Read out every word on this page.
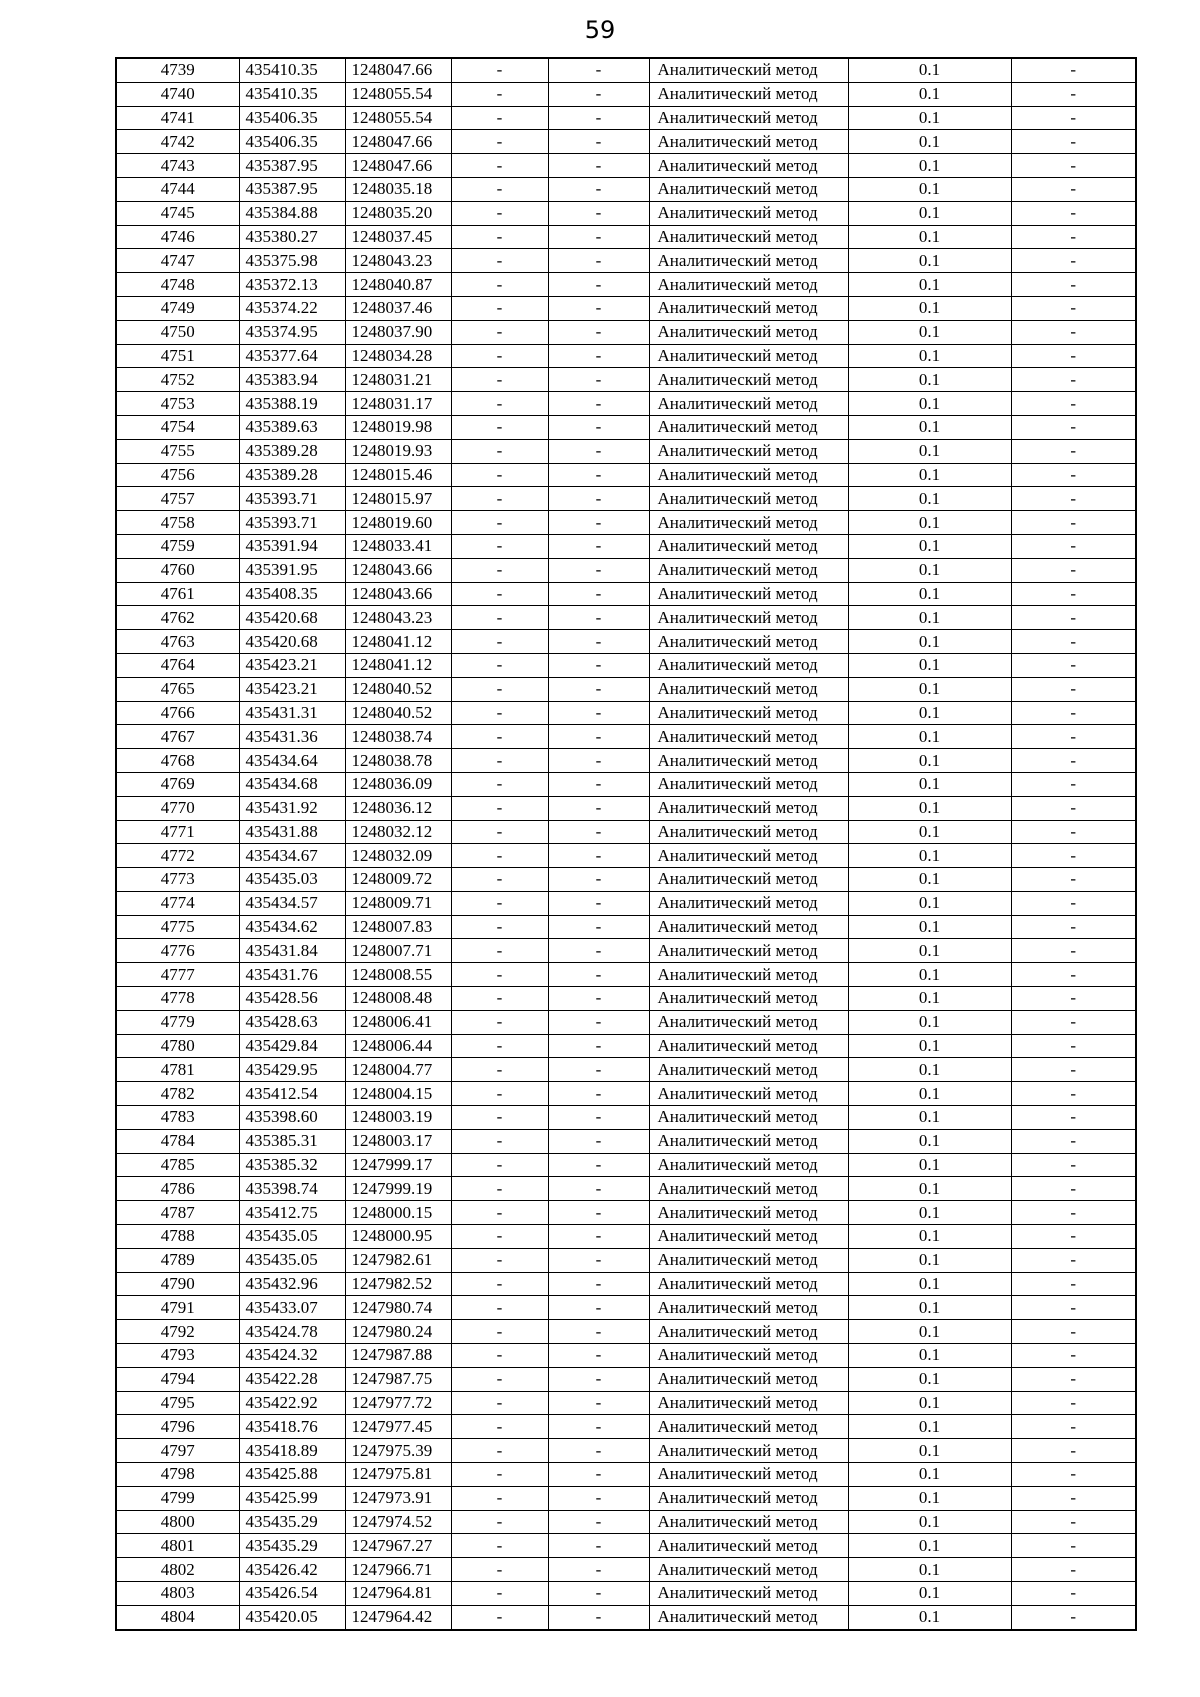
59
4739	435410.35	1248047.66	-	-	Аналитический метод	0.1	-
4740	435410.35	1248055.54	-	-	Аналитический метод	0.1	-
4741	435406.35	1248055.54	-	-	Аналитический метод	0.1	-
4742	435406.35	1248047.66	-	-	Аналитический метод	0.1	-
4743	435387.95	1248047.66	-	-	Аналитический метод	0.1	-
4744	435387.95	1248035.18	-	-	Аналитический метод	0.1	-
4745	435384.88	1248035.20	-	-	Аналитический метод	0.1	-
4746	435380.27	1248037.45	-	-	Аналитический метод	0.1	-
4747	435375.98	1248043.23	-	-	Аналитический метод	0.1	-
4748	435372.13	1248040.87	-	-	Аналитический метод	0.1	-
4749	435374.22	1248037.46	-	-	Аналитический метод	0.1	-
4750	435374.95	1248037.90	-	-	Аналитический метод	0.1	-
4751	435377.64	1248034.28	-	-	Аналитический метод	0.1	-
4752	435383.94	1248031.21	-	-	Аналитический метод	0.1	-
4753	435388.19	1248031.17	-	-	Аналитический метод	0.1	-
4754	435389.63	1248019.98	-	-	Аналитический метод	0.1	-
4755	435389.28	1248019.93	-	-	Аналитический метод	0.1	-
4756	435389.28	1248015.46	-	-	Аналитический метод	0.1	-
4757	435393.71	1248015.97	-	-	Аналитический метод	0.1	-
4758	435393.71	1248019.60	-	-	Аналитический метод	0.1	-
4759	435391.94	1248033.41	-	-	Аналитический метод	0.1	-
4760	435391.95	1248043.66	-	-	Аналитический метод	0.1	-
4761	435408.35	1248043.66	-	-	Аналитический метод	0.1	-
4762	435420.68	1248043.23	-	-	Аналитический метод	0.1	-
4763	435420.68	1248041.12	-	-	Аналитический метод	0.1	-
4764	435423.21	1248041.12	-	-	Аналитический метод	0.1	-
4765	435423.21	1248040.52	-	-	Аналитический метод	0.1	-
4766	435431.31	1248040.52	-	-	Аналитический метод	0.1	-
4767	435431.36	1248038.74	-	-	Аналитический метод	0.1	-
4768	435434.64	1248038.78	-	-	Аналитический метод	0.1	-
4769	435434.68	1248036.09	-	-	Аналитический метод	0.1	-
4770	435431.92	1248036.12	-	-	Аналитический метод	0.1	-
4771	435431.88	1248032.12	-	-	Аналитический метод	0.1	-
4772	435434.67	1248032.09	-	-	Аналитический метод	0.1	-
4773	435435.03	1248009.72	-	-	Аналитический метод	0.1	-
4774	435434.57	1248009.71	-	-	Аналитический метод	0.1	-
4775	435434.62	1248007.83	-	-	Аналитический метод	0.1	-
4776	435431.84	1248007.71	-	-	Аналитический метод	0.1	-
4777	435431.76	1248008.55	-	-	Аналитический метод	0.1	-
4778	435428.56	1248008.48	-	-	Аналитический метод	0.1	-
4779	435428.63	1248006.41	-	-	Аналитический метод	0.1	-
4780	435429.84	1248006.44	-	-	Аналитический метод	0.1	-
4781	435429.95	1248004.77	-	-	Аналитический метод	0.1	-
4782	435412.54	1248004.15	-	-	Аналитический метод	0.1	-
4783	435398.60	1248003.19	-	-	Аналитический метод	0.1	-
4784	435385.31	1248003.17	-	-	Аналитический метод	0.1	-
4785	435385.32	1247999.17	-	-	Аналитический метод	0.1	-
4786	435398.74	1247999.19	-	-	Аналитический метод	0.1	-
4787	435412.75	1248000.15	-	-	Аналитический метод	0.1	-
4788	435435.05	1248000.95	-	-	Аналитический метод	0.1	-
4789	435435.05	1247982.61	-	-	Аналитический метод	0.1	-
4790	435432.96	1247982.52	-	-	Аналитический метод	0.1	-
4791	435433.07	1247980.74	-	-	Аналитический метод	0.1	-
4792	435424.78	1247980.24	-	-	Аналитический метод	0.1	-
4793	435424.32	1247987.88	-	-	Аналитический метод	0.1	-
4794	435422.28	1247987.75	-	-	Аналитический метод	0.1	-
4795	435422.92	1247977.72	-	-	Аналитический метод	0.1	-
4796	435418.76	1247977.45	-	-	Аналитический метод	0.1	-
4797	435418.89	1247975.39	-	-	Аналитический метод	0.1	-
4798	435425.88	1247975.81	-	-	Аналитический метод	0.1	-
4799	435425.99	1247973.91	-	-	Аналитический метод	0.1	-
4800	435435.29	1247974.52	-	-	Аналитический метод	0.1	-
4801	435435.29	1247967.27	-	-	Аналитический метод	0.1	-
4802	435426.42	1247966.71	-	-	Аналитический метод	0.1	-
4803	435426.54	1247964.81	-	-	Аналитический метод	0.1	-
4804	435420.05	1247964.42	-	-	Аналитический метод	0.1	-
